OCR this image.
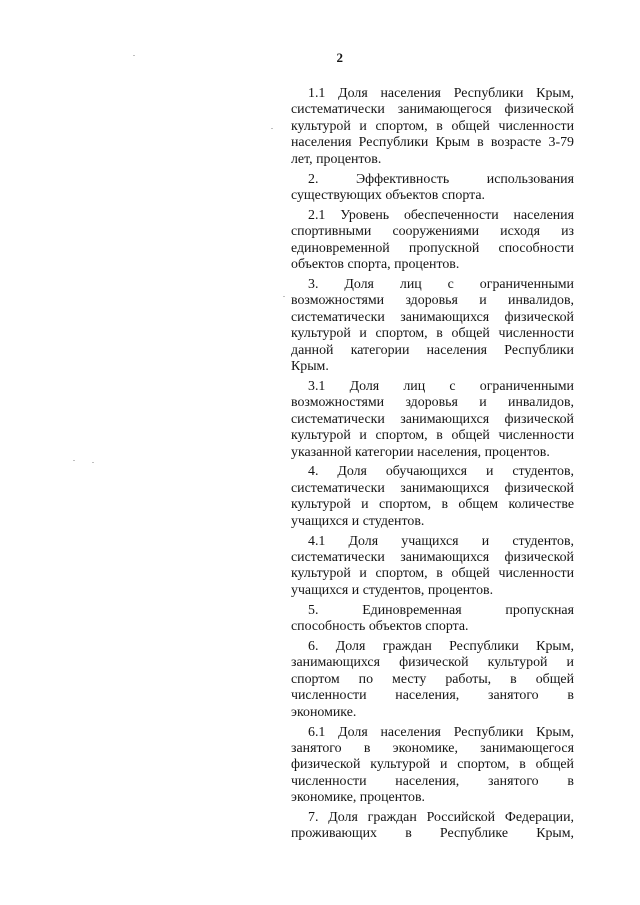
2
1.1 Доля населения Республики Крым,
систематически занимающегося физической
культурой и спортом, в общей численности
населения Республики Крым в возрасте 3-79
лет, процентов.
2. Эффективность использования
существующих объектов спорта.
2.1 Уровень обеспеченности населения
спортивными сооружениями исходя из
единовременной пропускной способности
объектов спорта, процентов.
3. Доля лиц с ограниченными
возможностями здоровья и инвалидов,
систематически занимающихся физической
культурой и спортом, в общей численности
данной категории населения Республики
Крым.
3.1 Доля лиц с ограниченными
возможностями здоровья и инвалидов,
систематически занимающихся физической
культурой и спортом, в общей численности
указанной категории населения, процентов.
4. Доля обучающихся и студентов,
систематически занимающихся физической
культурой и спортом, в общем количестве
учащихся и студентов.
4.1 Доля учащихся и студентов,
систематически занимающихся физической
культурой и спортом, в общей численности
учащихся и студентов, процентов.
5. Единовременная пропускная
способность объектов спорта.
6. Доля граждан Республики Крым,
занимающихся физической культурой и
спортом по месту работы, в общей
численности населения, занятого в
экономике.
6.1 Доля населения Республики Крым,
занятого в экономике, занимающегося
физической культурой и спортом, в общей
численности населения, занятого в
экономике, процентов.
7. Доля граждан Российской Федерации,
проживающих в Республике Крым,
